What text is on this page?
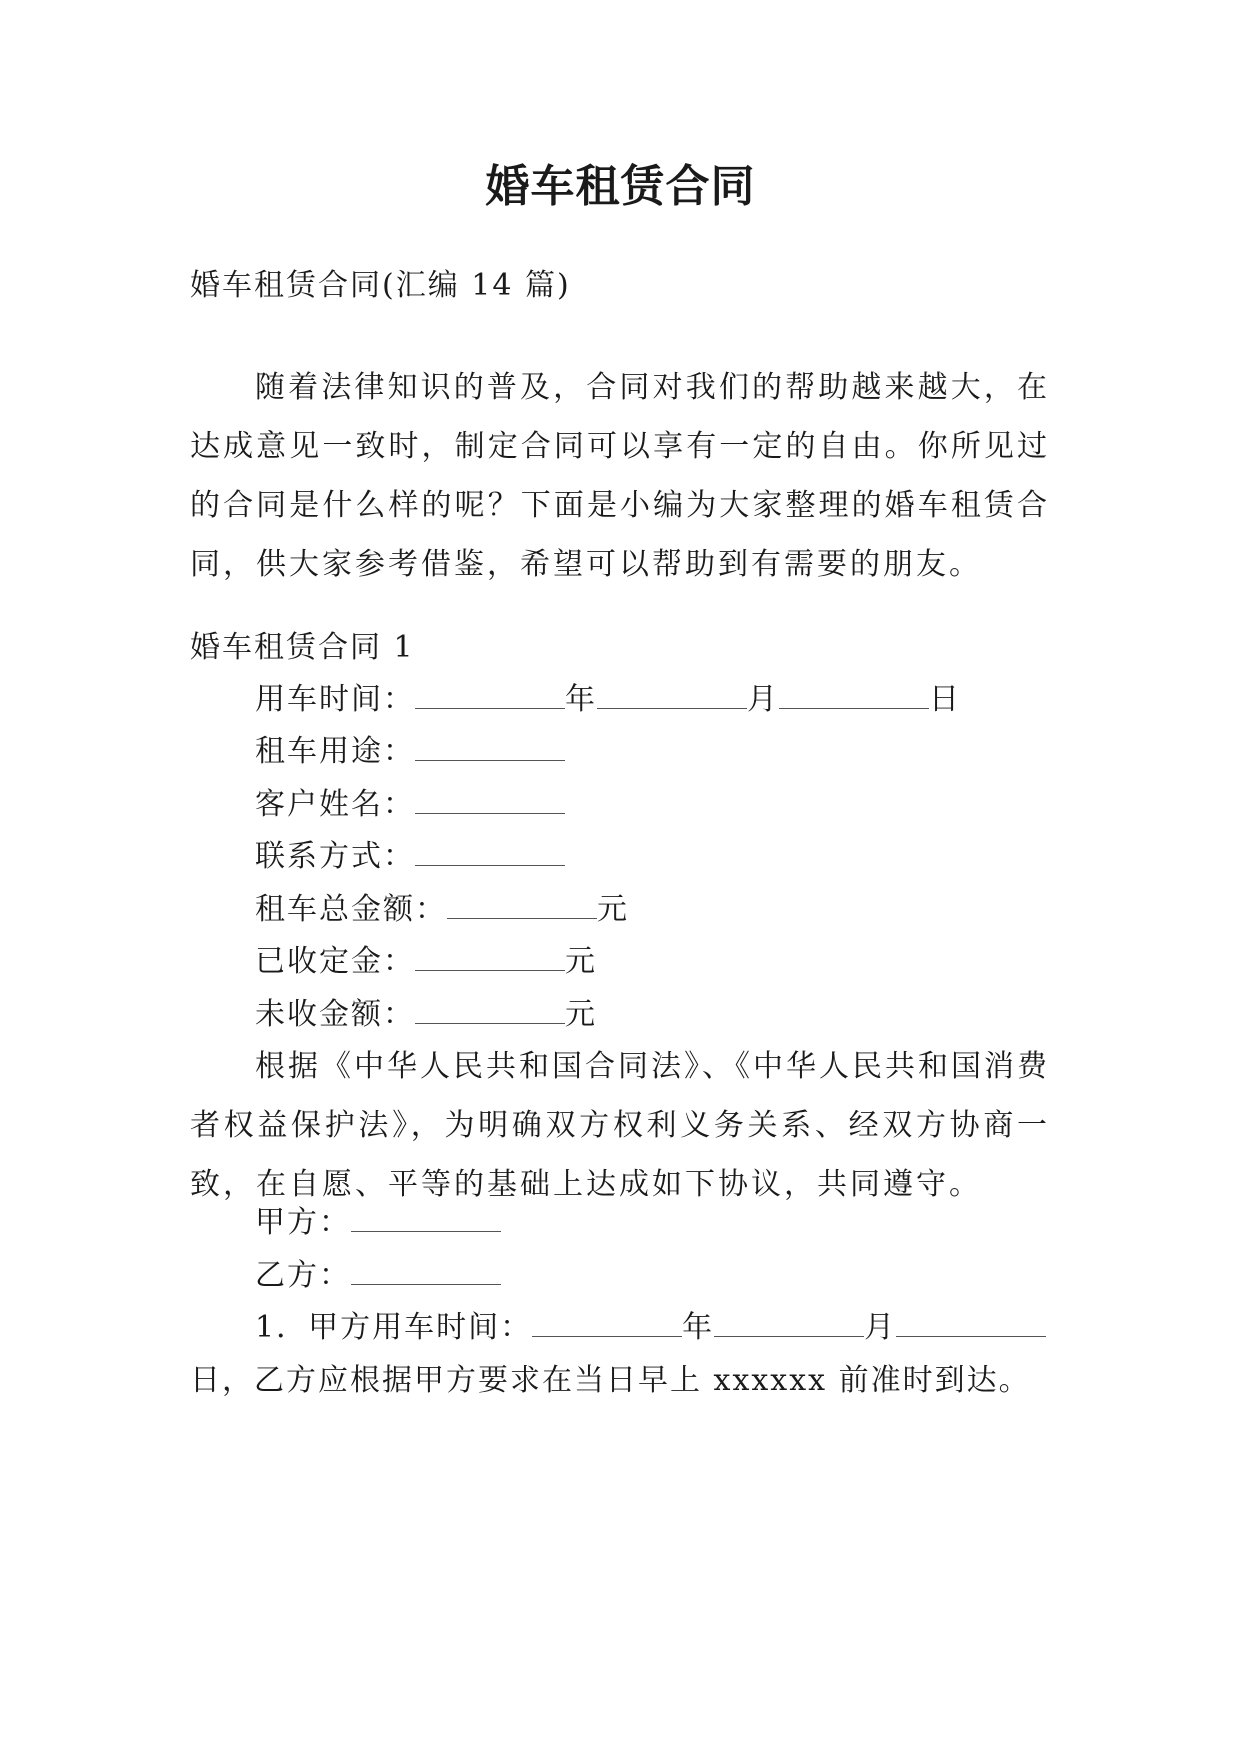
婚车租赁合同
婚车租赁合同(汇编 14 篇)
随着法律知识的普及，合同对我们的帮助越来越大，在达成意见一致时，制定合同可以享有一定的自由。你所见过的合同是什么样的呢？下面是小编为大家整理的婚车租赁合同，供大家参考借鉴，希望可以帮助到有需要的朋友。
婚车租赁合同 1
用车时间：	年	月	日
租车用途：
客户姓名：
联系方式：
租车总金额：	元
已收定金：	元
未收金额：	元
根据《中华人民共和国合同法》、《中华人民共和国消费者权益保护法》，为明确双方权利义务关系、经双方协商一致，在自愿、平等的基础上达成如下协议，共同遵守。
甲方：
乙方：
1．甲方用车时间：	年	月
日，乙方应根据甲方要求在当日早上 xxxxxx 前准时到达。
